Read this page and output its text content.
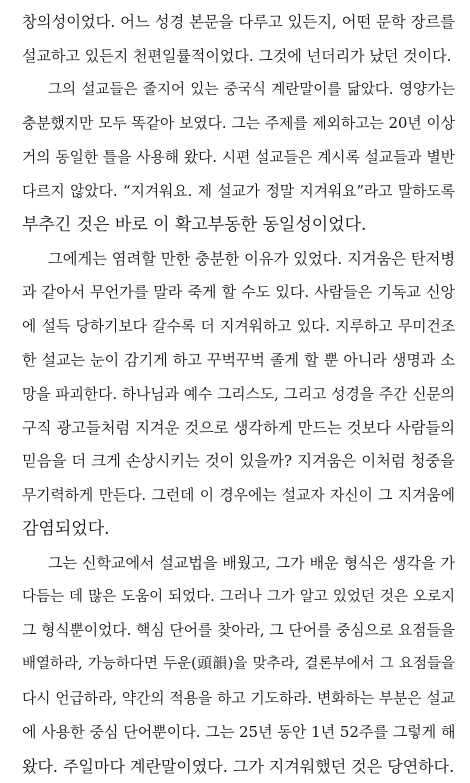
창의성이었다. 어느 성경 본문을 다루고 있든지, 어떤 문학 장르를
설교하고 있든지 천편일률적이었다. 그것에 넌더리가 났던 것이다.
그의 설교들은 줄지어 있는 중국식 계란말이를 닮았다. 영양가는
충분했지만 모두 똑같아 보였다. 그는 주제를 제외하고는 20년 이상
거의 동일한 틀을 사용해 왔다. 시편 설교들은 계시록 설교들과 별반
다르지 않았다. “지겨워요. 제 설교가 정말 지겨워요”라고 말하도록
부추긴 것은 바로 이 확고부동한 동일성이었다.
그에게는 염려할 만한 충분한 이유가 있었다. 지겨움은 탄저병
과 같아서 무언가를 말라 죽게 할 수도 있다. 사람들은 기독교 신앙
에 설득 당하기보다 갈수록 더 지겨워하고 있다. 지루하고 무미건조
한 설교는 눈이 감기게 하고 꾸벅꾸벅 졸게 할 뿐 아니라 생명과 소
망을 파괴한다. 하나님과 예수 그리스도, 그리고 성경을 주간 신문의
구직 광고들처럼 지겨운 것으로 생각하게 만드는 것보다 사람들의
믿음을 더 크게 손상시키는 것이 있을까? 지겨움은 이처럼 청중을
무기력하게 만든다. 그런데 이 경우에는 설교자 자신이 그 지겨움에
감염되었다.
그는 신학교에서 설교법을 배웠고, 그가 배운 형식은 생각을 가
다듬는 데 많은 도움이 되었다. 그러나 그가 알고 있었던 것은 오로지
그 형식뿐이었다. 핵심 단어를 찾아라, 그 단어를 중심으로 요점들을
배열하라, 가능하다면 두운(頭韻)을 맞추라, 결론부에서 그 요점들을
다시 언급하라, 약간의 적용을 하고 기도하라. 변화하는 부분은 설교
에 사용한 중심 단어뿐이다. 그는 25년 동안 1년 52주를 그렇게 해
왔다. 주일마다 계란말이였다. 그가 지겨워했던 것은 당연하다.
